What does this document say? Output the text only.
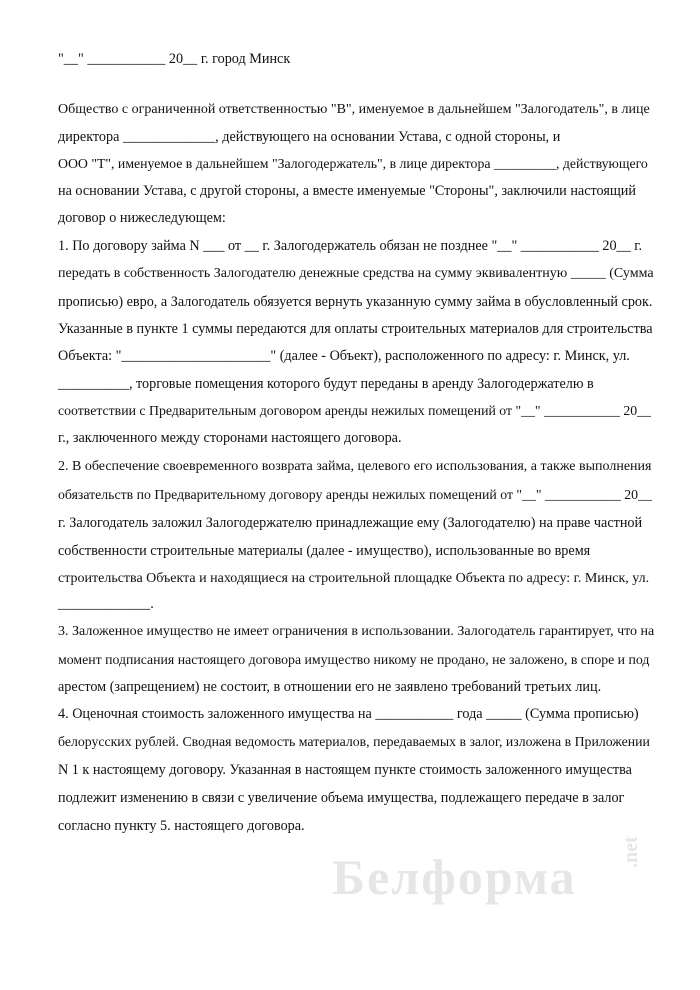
"__" ___________ 20__ г. город Минск
Общество с ограниченной ответственностью "В", именуемое в дальнейшем "Залогодатель", в лице
директора _____________, действующего на основании Устава, с одной стороны, и
ООО "Т", именуемое в дальнейшем "Залогодержатель", в лице директора _________, действующего
на основании Устава, с другой стороны, а вместе именуемые "Стороны", заключили настоящий
договор о нижеследующем:
1. По договору займа N ___ от __ г. Залогодержатель обязан не позднее "__" ___________ 20__ г.
передать в собственность Залогодателю денежные средства на сумму эквивалентную _____ (Сумма
прописью) евро, а Залогодатель обязуется вернуть указанную сумму займа в обусловленный срок.
Указанные в пункте 1 суммы передаются для оплаты строительных материалов для строительства
Объекта: "_____________________" (далее - Объект), расположенного по адресу: г. Минск, ул.
__________, торговые помещения которого будут переданы в аренду Залогодержателю в
соответствии с Предварительным договором аренды нежилых помещений от "__" ___________ 20__
г., заключенного между сторонами настоящего договора.
2. В обеспечение своевременного возврата займа, целевого его использования, а также выполнения
обязательств по Предварительному договору аренды нежилых помещений от "__" ___________ 20__
г. Залогодатель заложил Залогодержателю принадлежащие ему (Залогодателю) на праве частной
собственности строительные материалы (далее - имущество), использованные во время
строительства Объекта и находящиеся на строительной площадке Объекта по адресу: г. Минск, ул.
_____________.
3. Заложенное имущество не имеет ограничения в использовании. Залогодатель гарантирует, что на
момент подписания настоящего договора имущество никому не продано, не заложено, в споре и под
арестом (запрещением) не состоит, в отношении его не заявлено требований третьих лиц.
4. Оценочная стоимость заложенного имущества на ___________ года _____ (Сумма прописью)
белорусских рублей. Сводная ведомость материалов, передаваемых в залог, изложена в Приложении
N 1 к настоящему договору. Указанная в настоящем пункте стоимость заложенного имущества
подлежит изменению в связи с увеличение объема имущества, подлежащего передаче в залог
согласно пункту 5. настоящего договора.
Белформа .net
